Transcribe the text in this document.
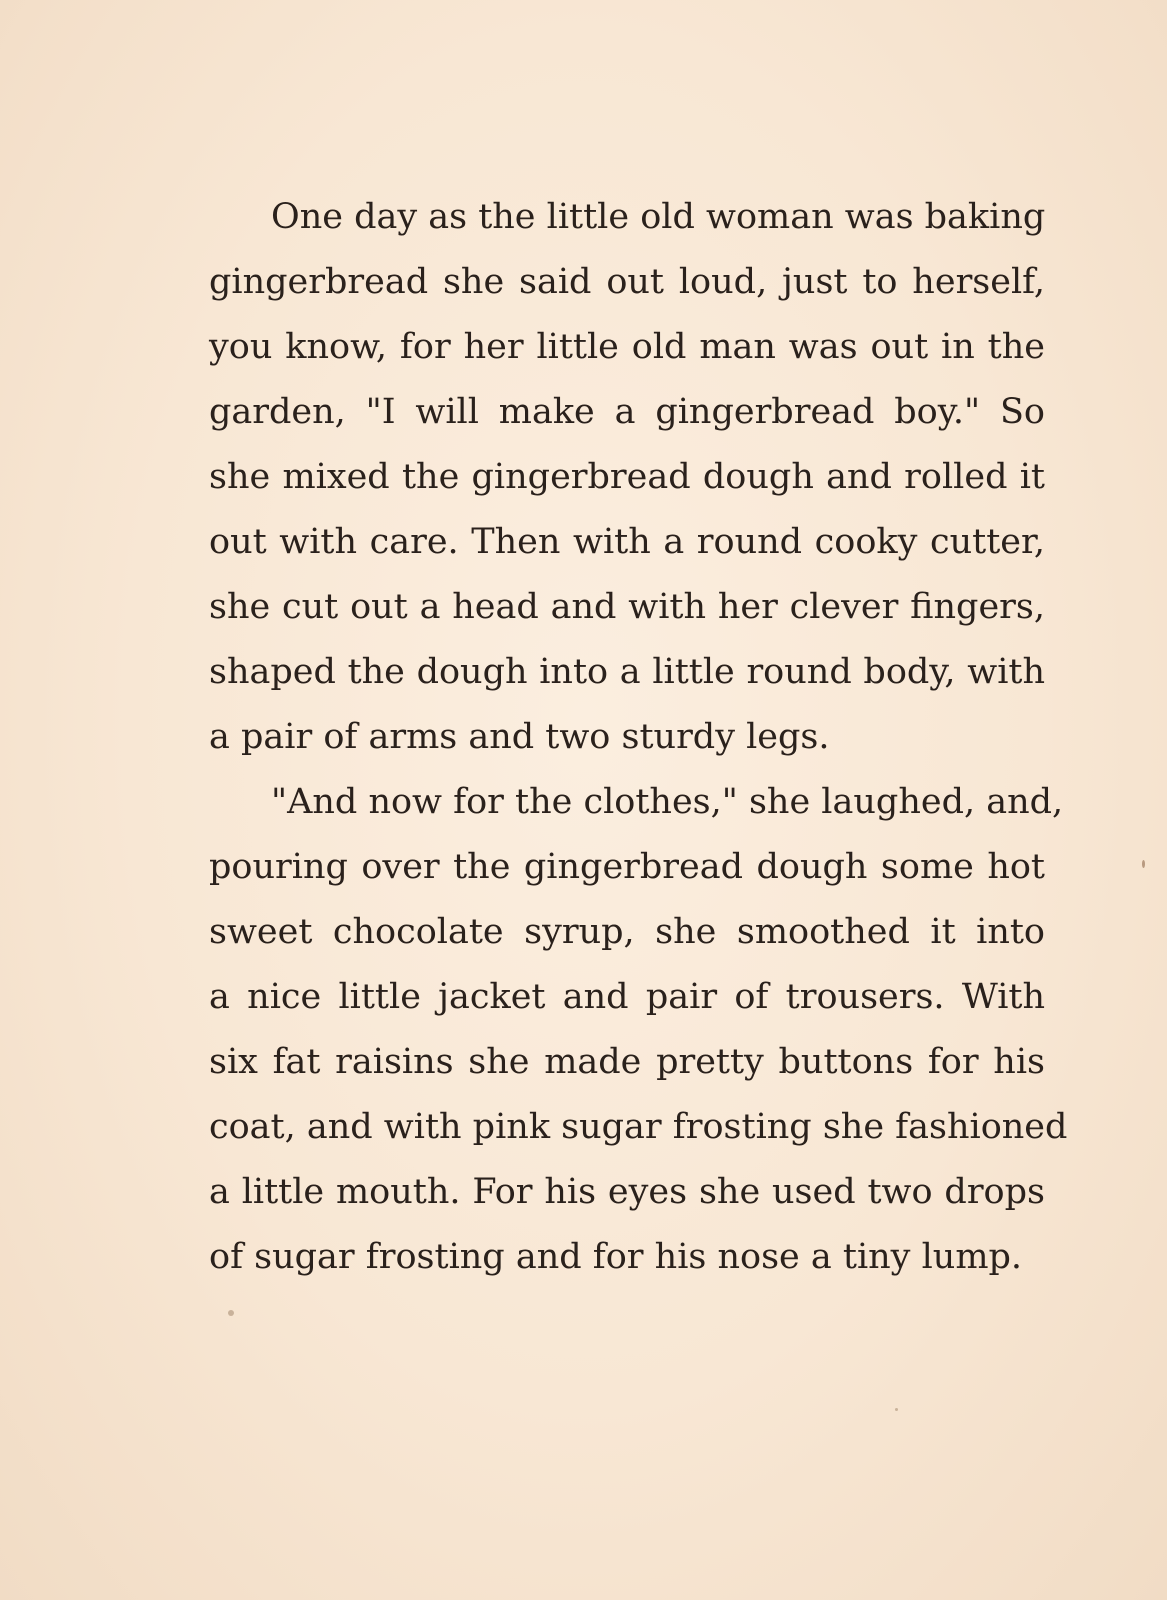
One day as the little old woman was baking
gingerbread she said out loud, just to herself,
you know, for her little old man was out in the
garden, "I will make a gingerbread boy." So
she mixed the gingerbread dough and rolled it
out with care. Then with a round cooky cutter,
she cut out a head and with her clever fingers,
shaped the dough into a little round body, with
a pair of arms and two sturdy legs.
"And now for the clothes," she laughed, and,
pouring over the gingerbread dough some hot
sweet chocolate syrup, she smoothed it into
a nice little jacket and pair of trousers. With
six fat raisins she made pretty buttons for his
coat, and with pink sugar frosting she fashioned
a little mouth. For his eyes she used two drops
of sugar frosting and for his nose a tiny lump.
